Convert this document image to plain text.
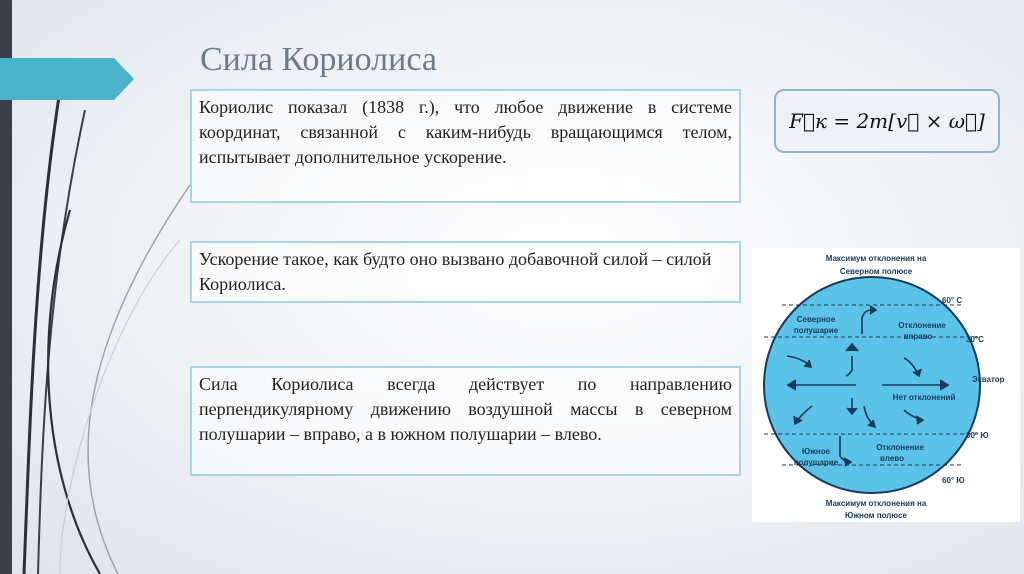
Сила Кориолиса
Кориолис показал (1838 г.), что любое движение в системе координат, связанной с каким-нибудь вращающимся телом, испытывает дополнительное ускорение.
Ускорение такое, как будто оно вызвано добавочной силой – силой Кориолиса.
Сила Кориолиса всегда действует по направлению перпендикулярному движению воздушной массы в северном полушарии – вправо, а в южном полушарии – влево.
F⃗к = 2m[v⃗ × ω⃗]
Максимум отклонения на
Северном полюсе
60° С
30°С
Экватор
30° Ю
60° Ю
Северное
полушарие
Отклонение
вправо
Нет отклонений
Южное
полушарие
Отклонение
влево
Максимум отклонения на
Южном полюсе
